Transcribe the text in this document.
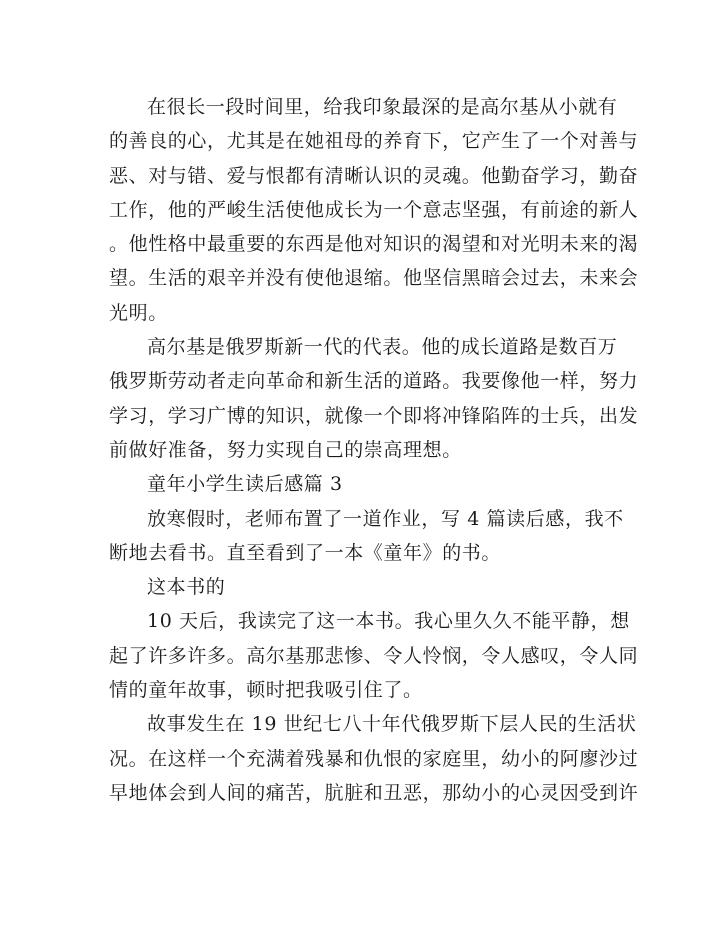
在很长一段时间里，给我印象最深的是高尔基从小就有
的善良的心，尤其是在她祖母的养育下，它产生了一个对善与
恶、对与错、爱与恨都有清晰认识的灵魂。他勤奋学习，勤奋
工作，他的严峻生活使他成长为一个意志坚强，有前途的新人
。他性格中最重要的东西是他对知识的渴望和对光明未来的渴
望。生活的艰辛并没有使他退缩。他坚信黑暗会过去，未来会
光明。
高尔基是俄罗斯新一代的代表。他的成长道路是数百万
俄罗斯劳动者走向革命和新生活的道路。我要像他一样，努力
学习，学习广博的知识，就像一个即将冲锋陷阵的士兵，出发
前做好准备，努力实现自己的崇高理想。
童年小学生读后感篇 3
放寒假时，老师布置了一道作业，写 4 篇读后感，我不
断地去看书。直至看到了一本《童年》的书。
这本书的
10 天后，我读完了这一本书。我心里久久不能平静，想
起了许多许多。高尔基那悲惨、令人怜悯，令人感叹，令人同
情的童年故事，顿时把我吸引住了。
故事发生在 19 世纪七八十年代俄罗斯下层人民的生活状
况。在这样一个充满着残暴和仇恨的家庭里，幼小的阿廖沙过
早地体会到人间的痛苦，肮脏和丑恶，那幼小的心灵因受到许
